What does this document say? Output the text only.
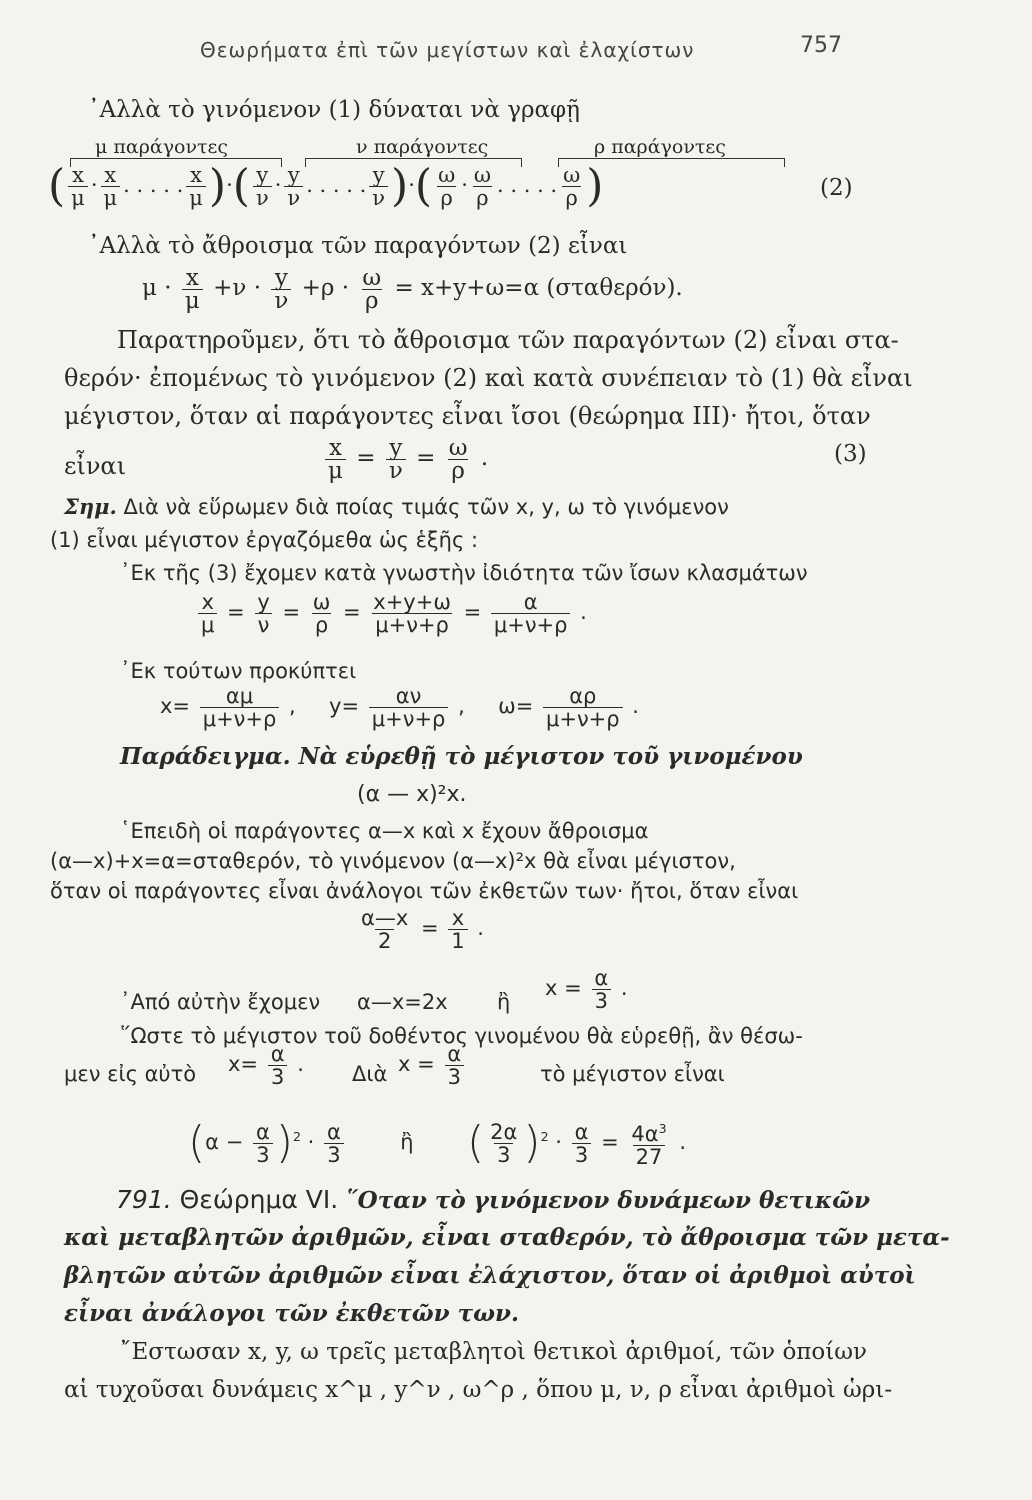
Θεωρήματα ἐπὶ τῶν μεγίστων καὶ ἐλαχίστων	757
᾽Αλλὰ τὸ γινόμενον (1) δύναται νὰ γραφῇ
μ παράγοντες	ν παράγοντες	ρ παράγοντες
( $\frac{x}{\mu} \cdot \frac{x}{\mu}$ . . . . . $\frac{x}{\mu}$ )·( $\frac{y}{\nu} \cdot \frac{y}{\nu}$ . . . . . $\frac{y}{\nu}$ )·( $\frac{\omega}{\rho} \cdot \frac{\omega}{\rho}$ . . . . . $\frac{\omega}{\rho}$ )	(2)
᾽Αλλὰ τὸ ἄθροισμα τῶν παραγόντων (2) εἶναι
$\mu \cdot \frac{x}{\mu} +\nu \cdot \frac{y}{\nu} +\rho \cdot \frac{\omega}{\rho} = x+y+\omega=\alpha$ (σταθερόν).
Παρατηροῦμεν, ὅτι τὸ ἄθροισμα τῶν παραγόντων (2) εἶναι στα-
θερόν· ἐπομένως τὸ γινόμενον (2) καὶ κατὰ συνέπειαν τὸ (1) θὰ εἶναι
μέγιστον, ὅταν αἱ παράγοντες εἶναι ἴσοι (θεώρημα III)· ἤτοι, ὅταν
εἶναι	$\frac{x}{\mu} = \frac{y}{\nu} = \frac{\omega}{\rho}$ .	(3)
Σημ. Διὰ νὰ εὕρωμεν διὰ ποίας τιμάς τῶν x, y, ω τὸ γινόμενον
(1) εἶναι μέγιστον ἐργαζόμεθα ὡς ἑξῆς :
᾽Εκ τῆς (3) ἔχομεν κατὰ γνωστὴν ἰδιότητα τῶν ἴσων κλασμάτων
$\frac{x}{\mu} = \frac{y}{\nu} = \frac{\omega}{\rho} = \frac{x+y+\omega}{\mu+\nu+\rho} = \frac{\alpha}{\mu+\nu+\rho}$ .
᾽Εκ τούτων προκύπτει
$x= \frac{\alpha\mu}{\mu+\nu+\rho}$ ,     $y= \frac{\alpha\nu}{\mu+\nu+\rho}$ ,     $\omega= \frac{\alpha\rho}{\mu+\nu+\rho}$ .
Παράδειγμα. Νὰ εὑρεθῇ τὸ μέγιστον τοῦ γινομένου
(α — x)²x.
῾Επειδὴ οἱ παράγοντες α—x καὶ x ἔχουν ἄθροισμα
(α—x)+x=α=σταθερόν, τὸ γινόμενον (α—x)²x θὰ εἶναι μέγιστον,
ὅταν οἱ παράγοντες εἶναι ἀνάλογοι τῶν ἐκθετῶν των· ἤτοι, ὅταν εἶναι
$\frac{\alpha—x}{2} = \frac{x}{1}$ .
᾽Από αὐτὴν ἔχομεν α—x=2x ἢ
$x = \frac{\alpha}{3}$ .
῞Ωστε τὸ μέγιστον τοῦ δοθέντος γινομένου θὰ εὑρεθῇ, ἂν θέσω-
μεν εἰς αὐτὸ $x= \frac{\alpha}{3}$ . Διὰ $x = \frac{\alpha}{3}$	τὸ μέγιστον εἶναι
$(\alpha - \frac{\alpha}{3} )^2 \cdot \frac{\alpha}{3}$	ἢ ( $\frac{2\alpha}{3} )^2 \cdot \frac{\alpha}{3} = \frac{4\alpha^3}{27}$ .
791. Θεώρημα VI. ῞Οταν τὸ γινόμενον δυνάμεων θετικῶν
καὶ μεταβλητῶν ἀριθμῶν, εἶναι σταθερόν, τὸ ἄθροισμα τῶν μετα-
βλητῶν αὐτῶν ἀριθμῶν εἶναι ἐλάχιστον, ὅταν οἱ ἀριθμοὶ αὐτοὶ
εἶναι ἀνάλογοι τῶν ἐκθετῶν των.
῎Εστωσαν x, y, ω τρεῖς μεταβλητοὶ θετικοὶ ἀριθμοί, τῶν ὁποίων
αἱ τυχοῦσαι δυνάμεις x^μ , y^ν , ω^ρ , ὅπου μ, ν, ρ εἶναι ἀριθμοὶ ὡρι-
